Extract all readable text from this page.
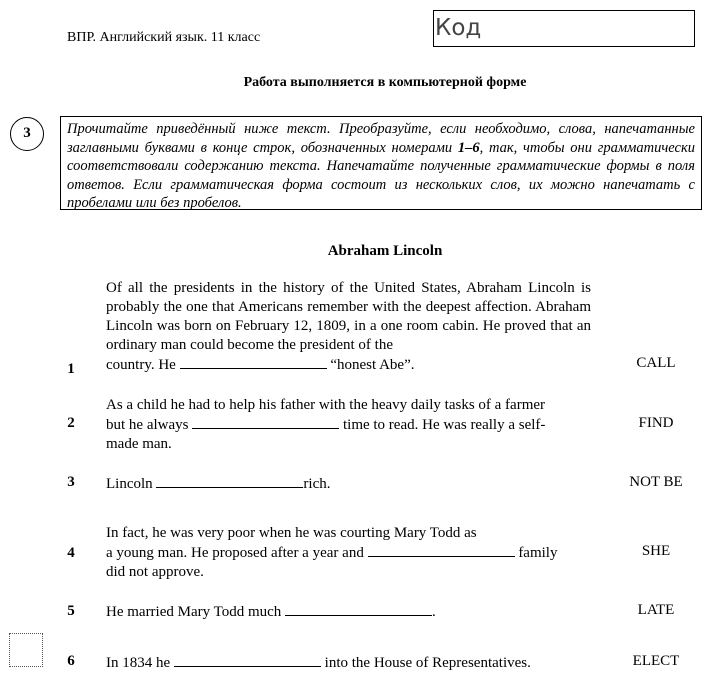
ВПР. Английский язык. 11 класс	Код
Работа выполняется в компьютерной форме
3	Прочитайте приведённый ниже текст. Преобразуйте, если необходимо, слова, напечатанные заглавными буквами в конце строк, обозначенных номерами 1–6, так, чтобы они грамматически соответствовали содержанию текста. Напечатайте полученные грамматические формы в поля ответов. Если грамматическая форма состоит из нескольких слов, их можно напечатать с пробелами или без пробелов.
Abraham Lincoln
Of all the presidents in the history of the United States, Abraham Lincoln is probably the one that Americans remember with the deepest affection. Abraham Lincoln was born on February 12, 1809, in a one room cabin. He proved that an ordinary man could become the president of the
country. He	“honest Abe”.
1	CALL
As a child he had to help his father with the heavy daily tasks of a farmer
but he always	time to read. He was really a self-
made man.
2	FIND
Lincoln	rich.
3	NOT BE
In fact, he was very poor when he was courting Mary Todd as
a young man. He proposed after a year and	family
did not approve.
4	SHE
He married Mary Todd much	.
5	LATE
In 1834 he	into the House of Representatives.
6	ELECT
